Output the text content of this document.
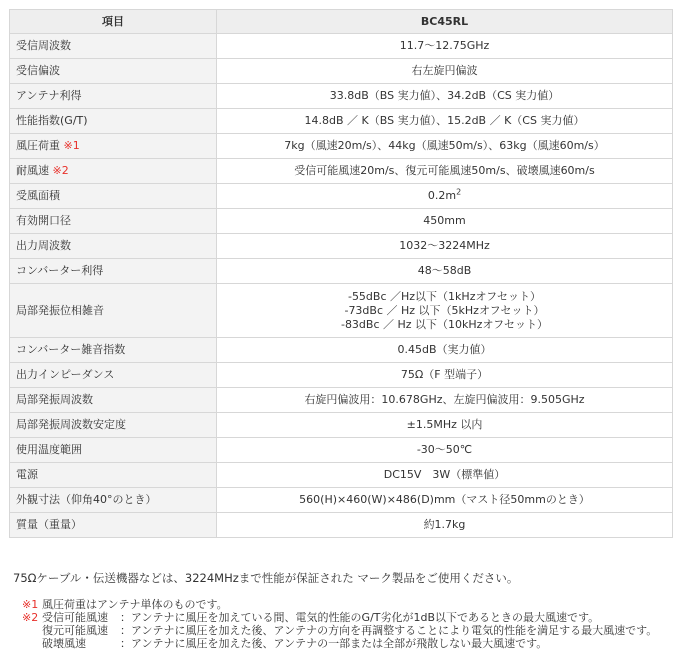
項目	BC45RL
受信周波数	11.7〜12.75GHz
受信偏波	右左旋円偏波
アンテナ利得	33.8dB（BS 実力値）、34.2dB（CS 実力値）
性能指数(G/T)	14.8dB ／ K（BS 実力値）、15.2dB ／ K（CS 実力値）
風圧荷重 ※1	7kg（風速20m/s）、44kg（風速50m/s）、63kg（風速60m/s）
耐風速 ※2	受信可能風速20m/s、復元可能風速50m/s、破壊風速60m/s
受風面積	$0.2m^2$
有効開口径	450mm
出力周波数	1032〜3224MHz
コンバーター利得	48〜58dB
局部発振位相雑音	-55dBc ／Hz以下（1kHzオフセット）
-73dBc ／ Hz 以下（5kHzオフセット）
-83dBc ／ Hz 以下（10kHzオフセット）

コンバーター雑音指数	0.45dB（実力値）
出力インピーダンス	75Ω（F 型端子）
局部発振周波数	右旋円偏波用：10.678GHz、左旋円偏波用：9.505GHz
局部発振周波数安定度	±1.5MHz 以内
使用温度範囲	-30〜50℃
電源	DC15V　3W（標準値）
外観寸法（仰角40°のとき）	560(H)×460(W)×486(D)mm（マスト径50mmのとき）
質量（重量）	約1.7kg
75Ωケーブル・伝送機器などは、3224MHzまで性能が保証された マーク製品をご使用ください。
※1 風圧荷重はアンテナ単体のものです。
※2 受信可能風速	：アンテナに風圧を加えている間、電気的性能のG/T劣化が1dB以下であるときの最大風速です。
復元可能風速	：アンテナに風圧を加えた後、アンテナの方向を再調整することにより電気的性能を満足する最大風速です。
破壊風速	：アンテナに風圧を加えた後、アンテナの一部または全部が飛散しない最大風速です。
